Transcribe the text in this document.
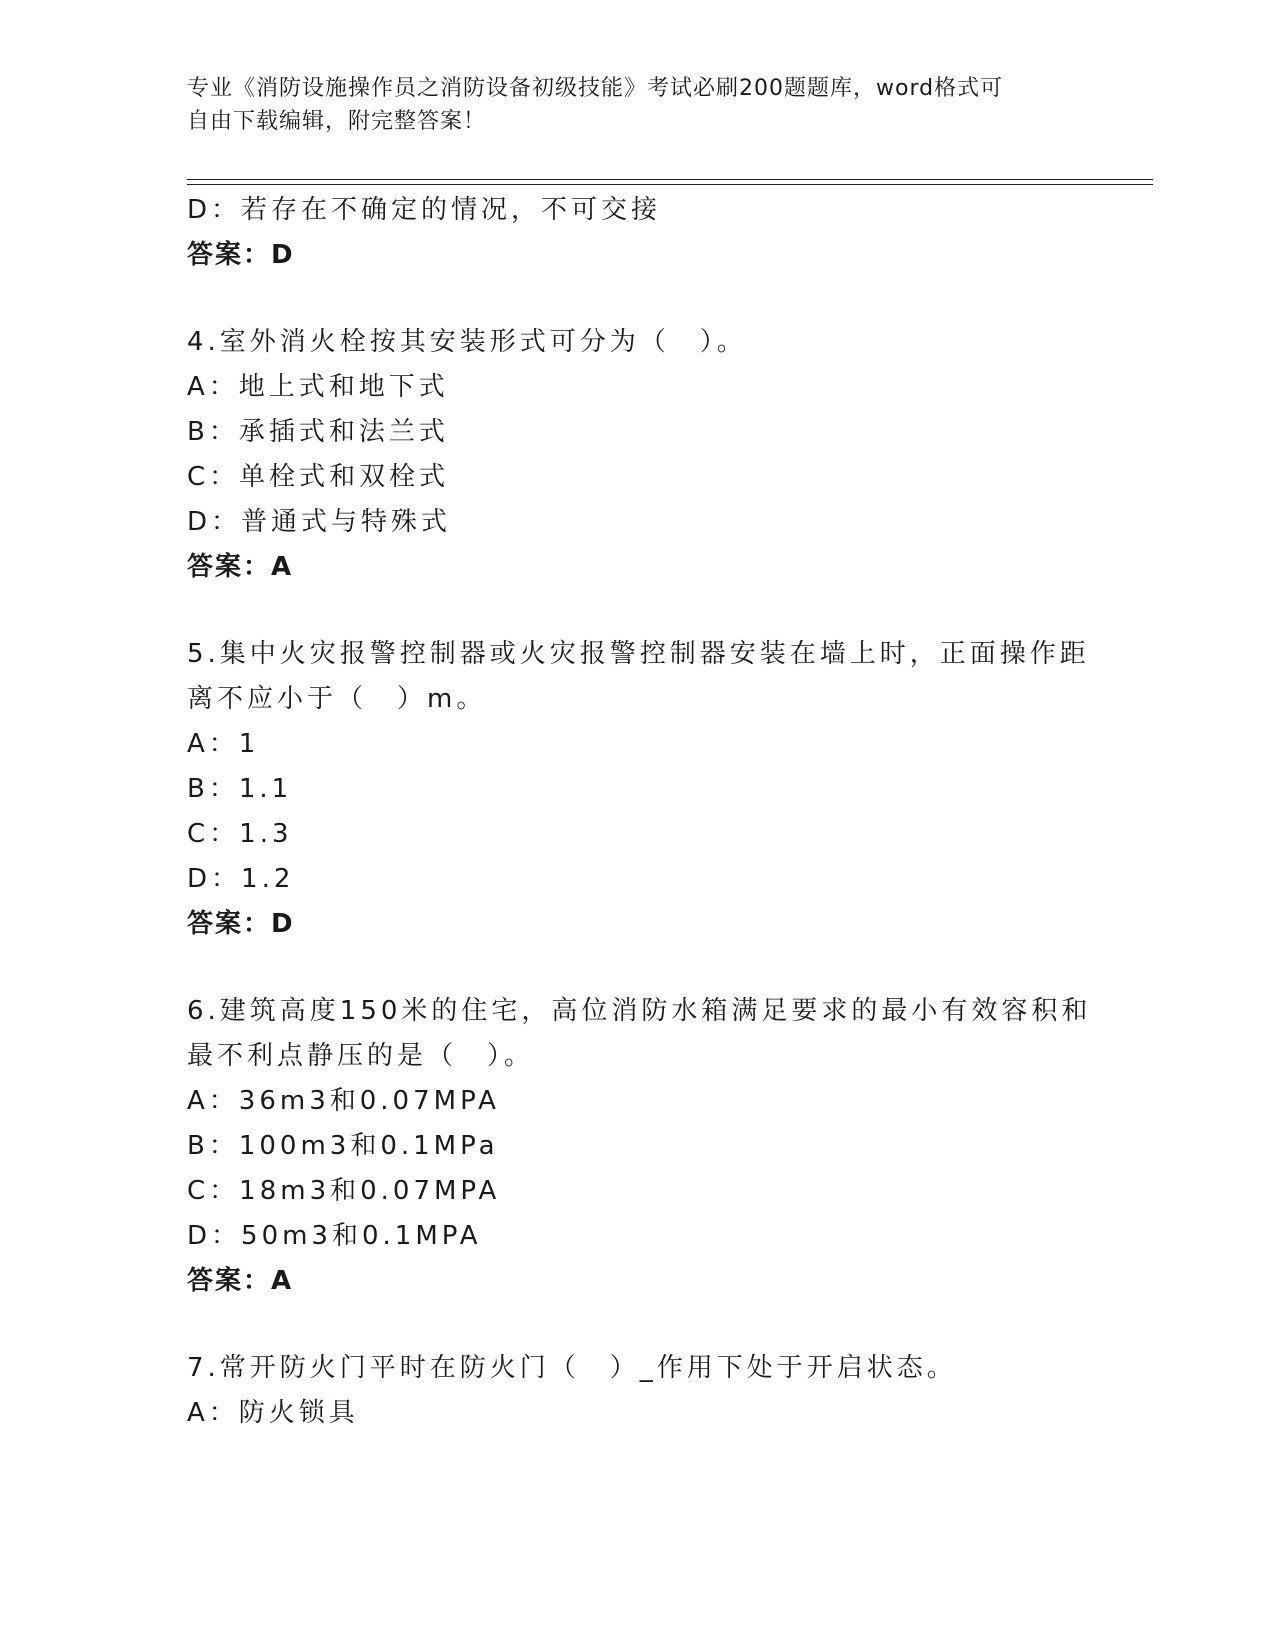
专业《消防设施操作员之消防设备初级技能》考试必刷200题题库，word格式可
自由下载编辑，附完整答案！
D：若存在不确定的情况，不可交接
答案：D
4.室外消火栓按其安装形式可分为（　）。
A：地上式和地下式
B：承插式和法兰式
C：单栓式和双栓式
D：普通式与特殊式
答案：A
5.集中火灾报警控制器或火灾报警控制器安装在墙上时，正面操作距
离不应小于（　）m。
A：1
B：1.1
C：1.3
D：1.2
答案：D
6.建筑高度150米的住宅，高位消防水箱满足要求的最小有效容积和
最不利点静压的是（　）。
A：36m3和0.07MPA
B：100m3和0.1MPa
C：18m3和0.07MPA
D：50m3和0.1MPA
答案：A
7.常开防火门平时在防火门（　）_作用下处于开启状态。
A：防火锁具
